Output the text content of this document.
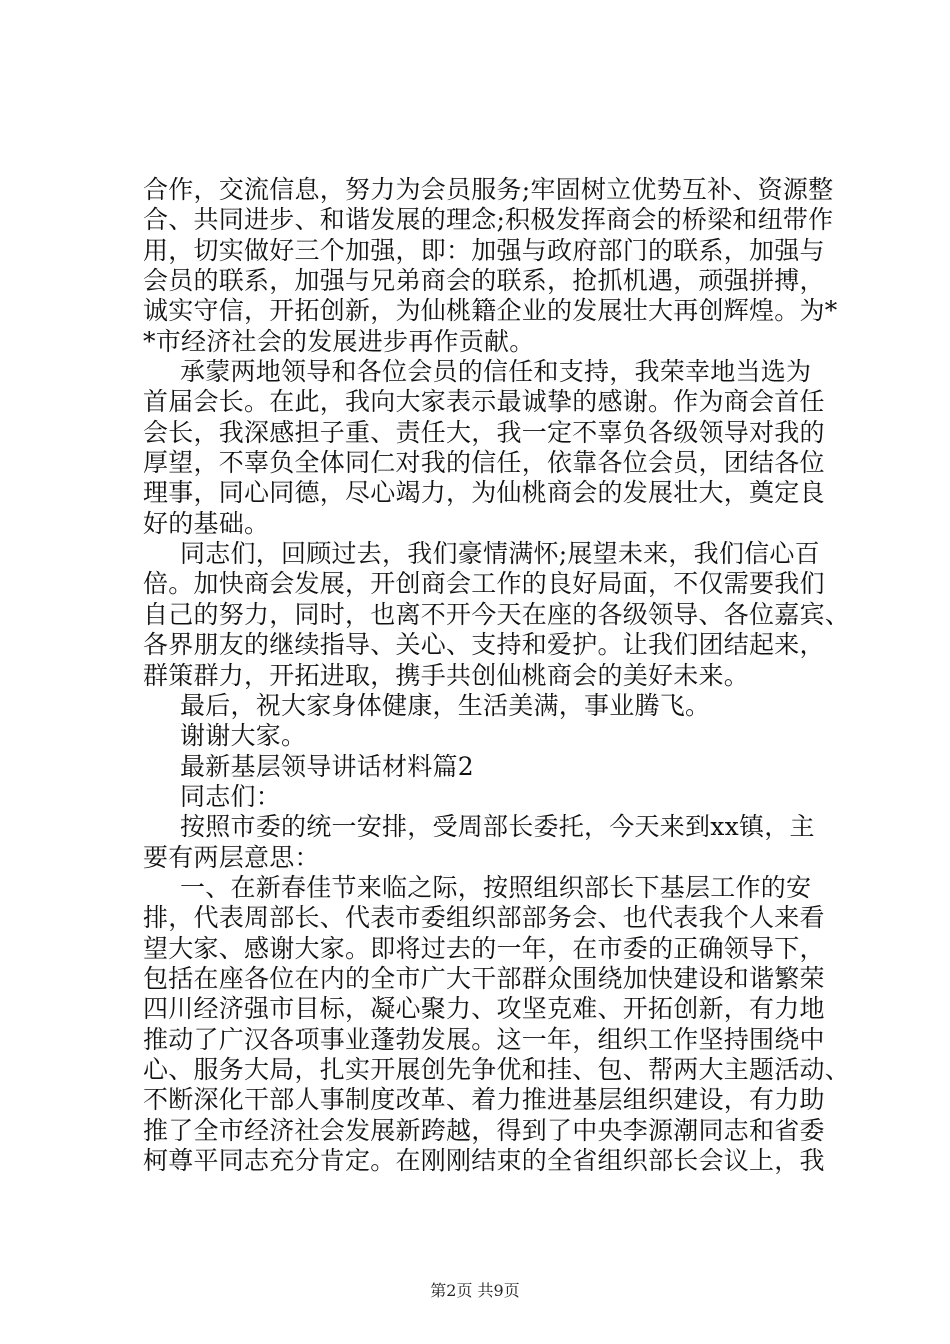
合作，交流信息，努力为会员服务;牢固树立优势互补、资源整
合、共同进步、和谐发展的理念;积极发挥商会的桥梁和纽带作
用，切实做好三个加强，即：加强与政府部门的联系，加强与
会员的联系，加强与兄弟商会的联系，抢抓机遇，顽强拼搏，
诚实守信，开拓创新，为仙桃籍企业的发展壮大再创辉煌。为*
*市经济社会的发展进步再作贡献。
承蒙两地领导和各位会员的信任和支持，我荣幸地当选为
首届会长。在此，我向大家表示最诚挚的感谢。作为商会首任
会长，我深感担子重、责任大，我一定不辜负各级领导对我的
厚望，不辜负全体同仁对我的信任，依靠各位会员，团结各位
理事，同心同德，尽心竭力，为仙桃商会的发展壮大，奠定良
好的基础。
同志们，回顾过去，我们豪情满怀;展望未来，我们信心百
倍。加快商会发展，开创商会工作的良好局面，不仅需要我们
自己的努力，同时，也离不开今天在座的各级领导、各位嘉宾、
各界朋友的继续指导、关心、支持和爱护。让我们团结起来，
群策群力，开拓进取，携手共创仙桃商会的美好未来。
最后，祝大家身体健康，生活美满，事业腾飞。
谢谢大家。
最新基层领导讲话材料篇2
同志们：
按照市委的统一安排，受周部长委托，今天来到xx镇，主
要有两层意思：
一、在新春佳节来临之际，按照组织部长下基层工作的安
排，代表周部长、代表市委组织部部务会、也代表我个人来看
望大家、感谢大家。即将过去的一年，在市委的正确领导下，
包括在座各位在内的全市广大干部群众围绕加快建设和谐繁荣
四川经济强市目标，凝心聚力、攻坚克难、开拓创新，有力地
推动了广汉各项事业蓬勃发展。这一年，组织工作坚持围绕中
心、服务大局，扎实开展创先争优和挂、包、帮两大主题活动、
不断深化干部人事制度改革、着力推进基层组织建设，有力助
推了全市经济社会发展新跨越，得到了中央李源潮同志和省委
柯尊平同志充分肯定。在刚刚结束的全省组织部长会议上，我
第2页 共9页
